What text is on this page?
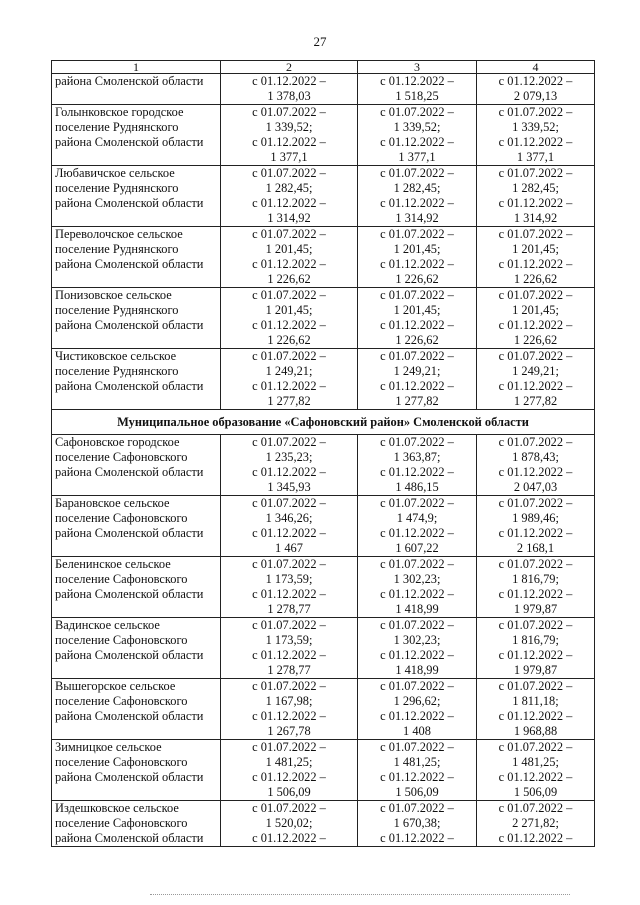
27
1	2	3	4

района Смоленской области	с 01.12.2022 –
1 378,03	с 01.12.2022 –
1 518,25	с 01.12.2022 –
2 079,13

Голынковское городское
поселение Руднянского
района Смоленской области	с 01.07.2022 –
1 339,52;
с 01.12.2022 –
1 377,1	с 01.07.2022 –
1 339,52;
с 01.12.2022 –
1 377,1	с 01.07.2022 –
1 339,52;
с 01.12.2022 –
1 377,1

Любавичское сельское
поселение Руднянского
района Смоленской области	с 01.07.2022 –
1 282,45;
с 01.12.2022 –
1 314,92	с 01.07.2022 –
1 282,45;
с 01.12.2022 –
1 314,92	с 01.07.2022 –
1 282,45;
с 01.12.2022 –
1 314,92

Переволочское сельское
поселение Руднянского
района Смоленской области	с 01.07.2022 –
1 201,45;
с 01.12.2022 –
1 226,62	с 01.07.2022 –
1 201,45;
с 01.12.2022 –
1 226,62	с 01.07.2022 –
1 201,45;
с 01.12.2022 –
1 226,62

Понизовское сельское
поселение Руднянского
района Смоленской области	с 01.07.2022 –
1 201,45;
с 01.12.2022 –
1 226,62	с 01.07.2022 –
1 201,45;
с 01.12.2022 –
1 226,62	с 01.07.2022 –
1 201,45;
с 01.12.2022 –
1 226,62

Чистиковское сельское
поселение Руднянского
района Смоленской области	с 01.07.2022 –
1 249,21;
с 01.12.2022 –
1 277,82	с 01.07.2022 –
1 249,21;
с 01.12.2022 –
1 277,82	с 01.07.2022 –
1 249,21;
с 01.12.2022 –
1 277,82

Муниципальное образование «Сафоновский район» Смоленской области			

Сафоновское городское
поселение Сафоновского
района Смоленской области	с 01.07.2022 –
1 235,23;
с 01.12.2022 –
1 345,93	с 01.07.2022 –
1 363,87;
с 01.12.2022 –
1 486,15	с 01.07.2022 –
1 878,43;
с 01.12.2022 –
2 047,03

Барановское сельское
поселение Сафоновского
района Смоленской области	с 01.07.2022 –
1 346,26;
с 01.12.2022 –
1 467	с 01.07.2022 –
1 474,9;
с 01.12.2022 –
1 607,22	с 01.07.2022 –
1 989,46;
с 01.12.2022 –
2 168,1

Беленинское сельское
поселение Сафоновского
района Смоленской области	с 01.07.2022 –
1 173,59;
с 01.12.2022 –
1 278,77	с 01.07.2022 –
1 302,23;
с 01.12.2022 –
1 418,99	с 01.07.2022 –
1 816,79;
с 01.12.2022 –
1 979,87

Вадинское сельское
поселение Сафоновского
района Смоленской области	с 01.07.2022 –
1 173,59;
с 01.12.2022 –
1 278,77	с 01.07.2022 –
1 302,23;
с 01.12.2022 –
1 418,99	с 01.07.2022 –
1 816,79;
с 01.12.2022 –
1 979,87

Вышегорское сельское
поселение Сафоновского
района Смоленской области	с 01.07.2022 –
1 167,98;
с 01.12.2022 –
1 267,78	с 01.07.2022 –
1 296,62;
с 01.12.2022 –
1 408	с 01.07.2022 –
1 811,18;
с 01.12.2022 –
1 968,88

Зимницкое сельское
поселение Сафоновского
района Смоленской области	с 01.07.2022 –
1 481,25;
с 01.12.2022 –
1 506,09	с 01.07.2022 –
1 481,25;
с 01.12.2022 –
1 506,09	с 01.07.2022 –
1 481,25;
с 01.12.2022 –
1 506,09

Издешковское сельское
поселение Сафоновского
района Смоленской области	с 01.07.2022 –
1 520,02;
с 01.12.2022 –	с 01.07.2022 –
1 670,38;
с 01.12.2022 –	с 01.07.2022 –
2 271,82;
с 01.12.2022 –
